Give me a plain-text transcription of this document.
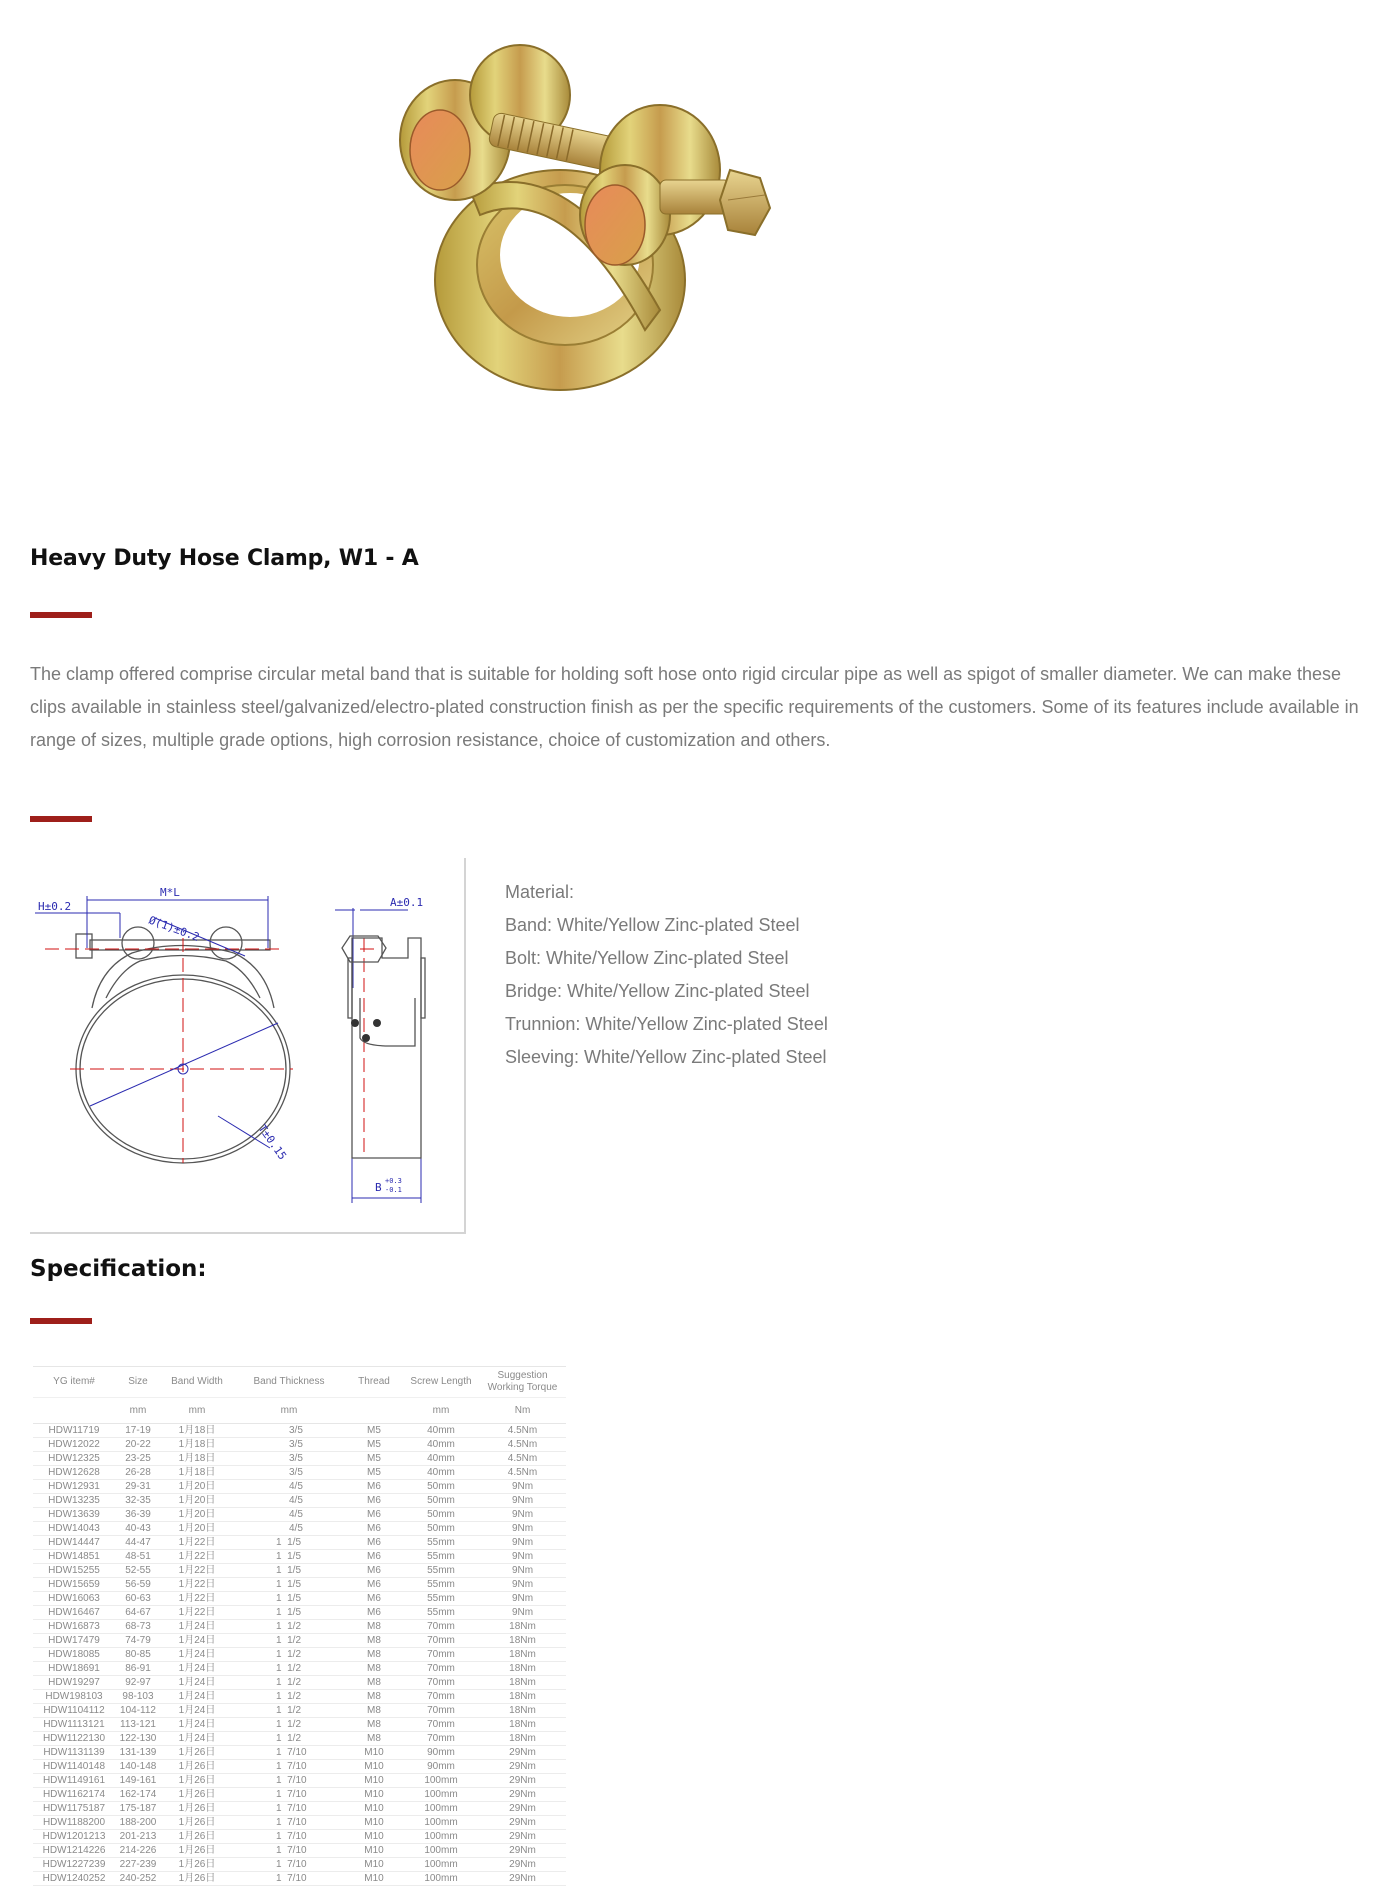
Heavy Duty Hose Clamp, W1 - A

The clamp offered comprise circular metal band that is suitable for holding soft hose onto rigid circular pipe as well as spigot of smaller diameter. We can make these clips available in stainless steel/galvanized/electro-plated construction finish as per the specific requirements of the customers. Some of its features include available in range of sizes, multiple grade options, high corrosion resistance, choice of customization and others.

M*L
H±0.2
Ø(1)±0.2
T±0.15
A±0.1
B +0.3
-0.1
Material:
Band: White/Yellow Zinc-plated Steel
Bolt: White/Yellow Zinc-plated Steel
Bridge: White/Yellow Zinc-plated Steel
Trunnion: White/Yellow Zinc-plated Steel
Sleeving: White/Yellow Zinc-plated Steel
Specification:
YG item#	Size	Band Width	Band Thickness	Thread	Screw Length	Suggestion Working Torque
	mm	mm	mm		mm	Nm
HDW11719	17-19	1月18日	3/5	M5	40mm	4.5Nm
HDW12022	20-22	1月18日	3/5	M5	40mm	4.5Nm
HDW12325	23-25	1月18日	3/5	M5	40mm	4.5Nm
HDW12628	26-28	1月18日	3/5	M5	40mm	4.5Nm
HDW12931	29-31	1月20日	4/5	M6	50mm	9Nm
HDW13235	32-35	1月20日	4/5	M6	50mm	9Nm
HDW13639	36-39	1月20日	4/5	M6	50mm	9Nm
HDW14043	40-43	1月20日	4/5	M6	50mm	9Nm
HDW14447	44-47	1月22日	1  1/5	M6	55mm	9Nm
HDW14851	48-51	1月22日	1  1/5	M6	55mm	9Nm
HDW15255	52-55	1月22日	1  1/5	M6	55mm	9Nm
HDW15659	56-59	1月22日	1  1/5	M6	55mm	9Nm
HDW16063	60-63	1月22日	1  1/5	M6	55mm	9Nm
HDW16467	64-67	1月22日	1  1/5	M6	55mm	9Nm
HDW16873	68-73	1月24日	1  1/2	M8	70mm	18Nm
HDW17479	74-79	1月24日	1  1/2	M8	70mm	18Nm
HDW18085	80-85	1月24日	1  1/2	M8	70mm	18Nm
HDW18691	86-91	1月24日	1  1/2	M8	70mm	18Nm
HDW19297	92-97	1月24日	1  1/2	M8	70mm	18Nm
HDW198103	98-103	1月24日	1  1/2	M8	70mm	18Nm
HDW1104112	104-112	1月24日	1  1/2	M8	70mm	18Nm
HDW1113121	113-121	1月24日	1  1/2	M8	70mm	18Nm
HDW1122130	122-130	1月24日	1  1/2	M8	70mm	18Nm
HDW1131139	131-139	1月26日	1  7/10	M10	90mm	29Nm
HDW1140148	140-148	1月26日	1  7/10	M10	90mm	29Nm
HDW1149161	149-161	1月26日	1  7/10	M10	100mm	29Nm
HDW1162174	162-174	1月26日	1  7/10	M10	100mm	29Nm
HDW1175187	175-187	1月26日	1  7/10	M10	100mm	29Nm
HDW1188200	188-200	1月26日	1  7/10	M10	100mm	29Nm
HDW1201213	201-213	1月26日	1  7/10	M10	100mm	29Nm
HDW1214226	214-226	1月26日	1  7/10	M10	100mm	29Nm
HDW1227239	227-239	1月26日	1  7/10	M10	100mm	29Nm
HDW1240252	240-252	1月26日	1  7/10	M10	100mm	29Nm
